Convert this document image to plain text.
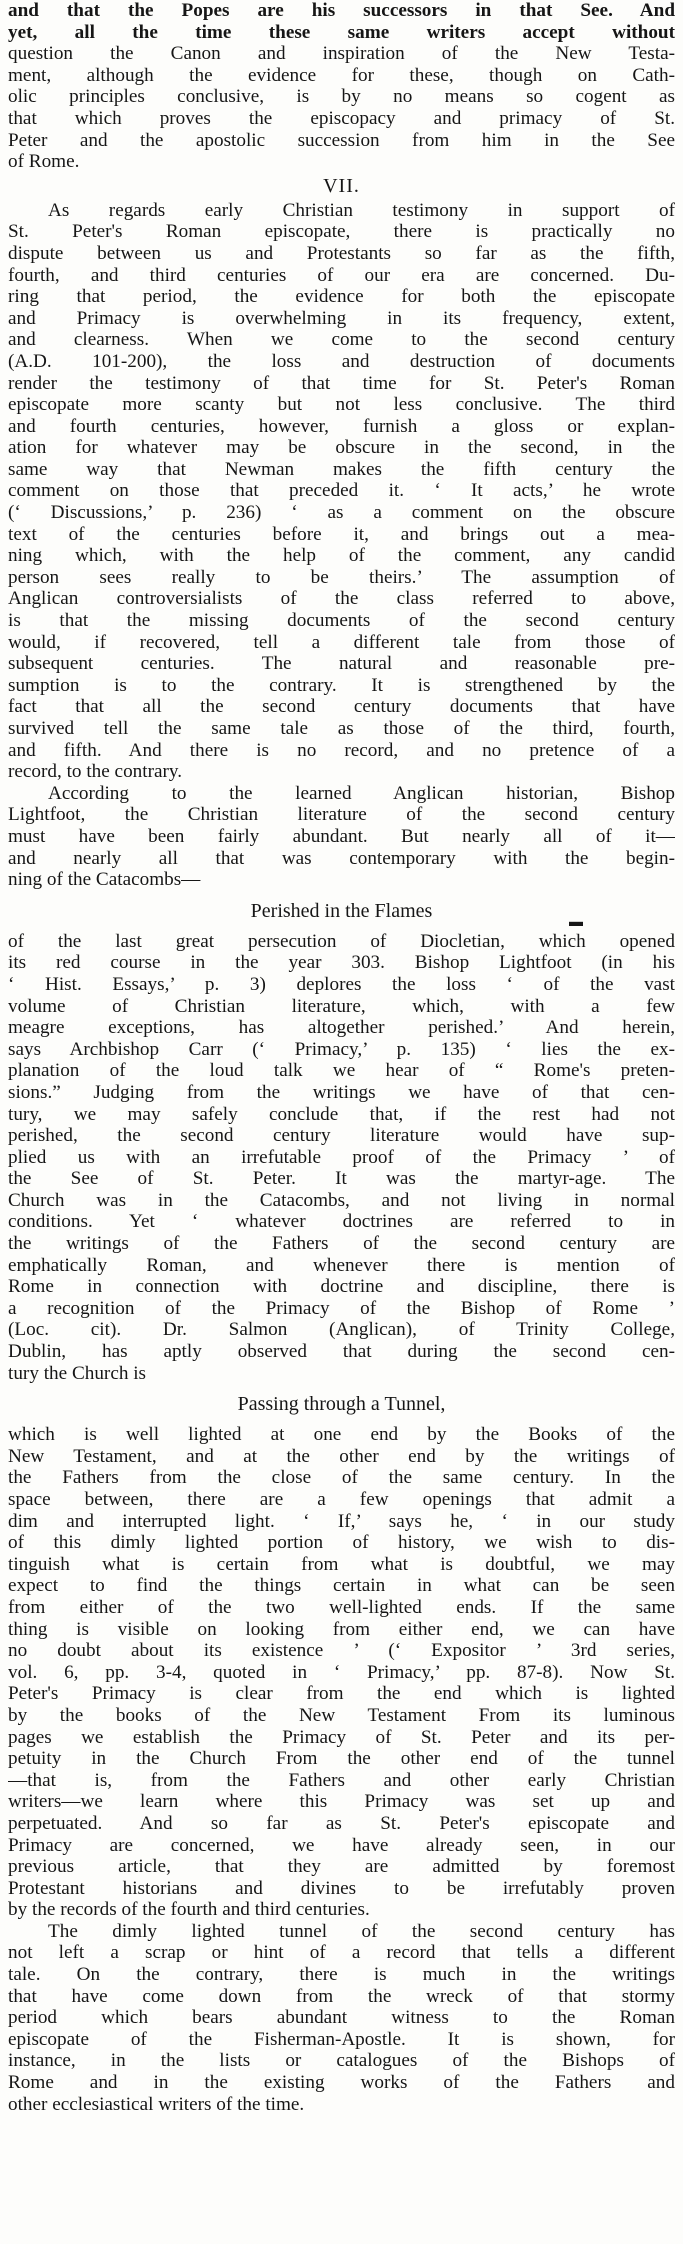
and that the Popes are his successors in that See. And
yet, all the time these same writers accept without
question the Canon and inspiration of the New Testa-
ment, although the evidence for these, though on Cath-
olic principles conclusive, is by no means so cogent as
that which proves the episcopacy and primacy of St.
Peter and the apostolic succession from him in the See
of Rome.
VII.
As regards early Christian testimony in support of
St. Peter's Roman episcopate, there is practically no
dispute between us and Protestants so far as the fifth,
fourth, and third centuries of our era are concerned. Du-
ring that period, the evidence for both the episcopate
and Primacy is overwhelming in its frequency, extent,
and clearness. When we come to the second century
(A.D. 101-200), the loss and destruction of documents
render the testimony of that time for St. Peter's Roman
episcopate more scanty but not less conclusive. The third
and fourth centuries, however, furnish a gloss or explan-
ation for whatever may be obscure in the second, in the
same way that Newman makes the fifth century the
comment on those that preceded it. ‘ It acts,’ he wrote
(‘ Discussions,’ p. 236) ‘ as a comment on the obscure
text of the centuries before it, and brings out a mea-
ning which, with the help of the comment, any candid
person sees really to be theirs.’ The assumption of
Anglican controversialists of the class referred to above,
is that the missing documents of the second century
would, if recovered, tell a different tale from those of
subsequent centuries. The natural and reasonable pre-
sumption is to the contrary. It is strengthened by the
fact that all the second century documents that have
survived tell the same tale as those of the third, fourth,
and fifth. And there is no record, and no pretence of a
record, to the contrary.
According to the learned Anglican historian, Bishop
Lightfoot, the Christian literature of the second century
must have been fairly abundant. But nearly all of it—
and nearly all that was contemporary with the begin-
ning of the Catacombs—
Perished in the Flames
▬
of the last great persecution of Diocletian, which opened
its red course in the year 303. Bishop Lightfoot (in his
‘ Hist. Essays,’ p. 3) deplores the loss ‘ of the vast
volume of Christian literature, which, with a few
meagre exceptions, has altogether perished.’ And herein,
says Archbishop Carr (‘ Primacy,’ p. 135) ‘ lies the ex-
planation of the loud talk we hear of “ Rome's preten-
sions.” Judging from the writings we have of that cen-
tury, we may safely conclude that, if the rest had not
perished, the second century literature would have sup-
plied us with an irrefutable proof of the Primacy ’ of
the See of St. Peter. It was the martyr-age. The
Church was in the Catacombs, and not living in normal
conditions. Yet ‘ whatever doctrines are referred to in
the writings of the Fathers of the second century are
emphatically Roman, and whenever there is mention of
Rome in connection with doctrine and discipline, there is
a recognition of the Primacy of the Bishop of Rome ’
(Loc. cit). Dr. Salmon (Anglican), of Trinity College,
Dublin, has aptly observed that during the second cen-
tury the Church is
Passing through a Tunnel,
which is well lighted at one end by the Books of the
New Testament, and at the other end by the writings of
the Fathers from the close of the same century. In the
space between, there are a few openings that admit a
dim and interrupted light. ‘ If,’ says he, ‘ in our study
of this dimly lighted portion of history, we wish to dis-
tinguish what is certain from what is doubtful, we may
expect to find the things certain in what can be seen
from either of the two well-lighted ends. If the same
thing is visible on looking from either end, we can have
no doubt about its existence ’ (‘ Expositor ’ 3rd series,
vol. 6, pp. 3-4, quoted in ‘ Primacy,’ pp. 87-8). Now St.
Peter's Primacy is clear from the end which is lighted
by the books of the New Testament From its luminous
pages we establish the Primacy of St. Peter and its per-
petuity in the Church From the other end of the tunnel
—that is, from the Fathers and other early Christian
writers—we learn where this Primacy was set up and
perpetuated. And so far as St. Peter's episcopate and
Primacy are concerned, we have already seen, in our
previous article, that they are admitted by foremost
Protestant historians and divines to be irrefutably proven
by the records of the fourth and third centuries.
The dimly lighted tunnel of the second century has
not left a scrap or hint of a record that tells a different
tale. On the contrary, there is much in the writings
that have come down from the wreck of that stormy
period which bears abundant witness to the Roman
episcopate of the Fisherman-Apostle. It is shown, for
instance, in the lists or catalogues of the Bishops of
Rome and in the existing works of the Fathers and
other ecclesiastical writers of the time.
